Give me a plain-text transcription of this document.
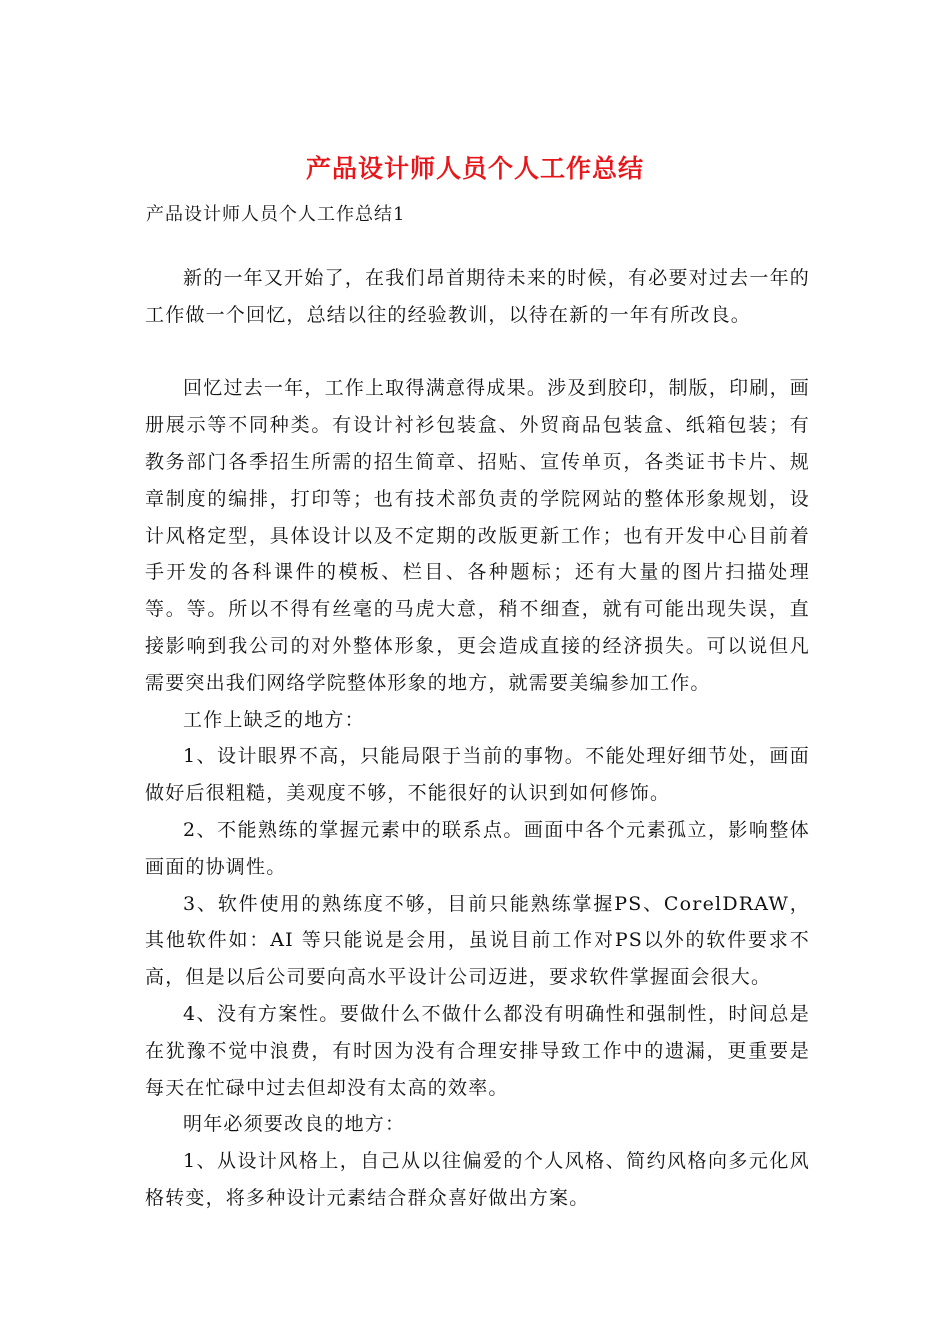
产品设计师人员个人工作总结
产品设计师人员个人工作总结1

新的一年又开始了，在我们昂首期待未来的时候，有必要对过去一年的工作做一个回忆，总结以往的经验教训，以待在新的一年有所改良。

回忆过去一年，工作上取得满意得成果。涉及到胶印，制版，印刷，画册展示等不同种类。有设计衬衫包装盒、外贸商品包装盒、纸箱包装；有教务部门各季招生所需的招生简章、招贴、宣传单页，各类证书卡片、规章制度的编排，打印等；也有技术部负责的学院网站的整体形象规划，设计风格定型，具体设计以及不定期的改版更新工作；也有开发中心目前着手开发的各科课件的模板、栏目、各种题标；还有大量的图片扫描处理等。等。所以不得有丝毫的马虎大意，稍不细查，就有可能出现失误，直接影响到我公司的对外整体形象，更会造成直接的经济损失。可以说但凡需要突出我们网络学院整体形象的地方，就需要美编参加工作。

工作上缺乏的地方：

1、设计眼界不高，只能局限于当前的事物。不能处理好细节处，画面做好后很粗糙，美观度不够，不能很好的认识到如何修饰。

2、不能熟练的掌握元素中的联系点。画面中各个元素孤立，影响整体画面的协调性。

3、软件使用的熟练度不够，目前只能熟练掌握PS、CorelDRAW，其他软件如：AI 等只能说是会用，虽说目前工作对PS以外的软件要求不高，但是以后公司要向高水平设计公司迈进，要求软件掌握面会很大。

4、没有方案性。要做什么不做什么都没有明确性和强制性，时间总是在犹豫不觉中浪费，有时因为没有合理安排导致工作中的遗漏，更重要是每天在忙碌中过去但却没有太高的效率。

明年必须要改良的地方：

1、从设计风格上，自己从以往偏爱的个人风格、简约风格向多元化风格转变，将多种设计元素结合群众喜好做出方案。
